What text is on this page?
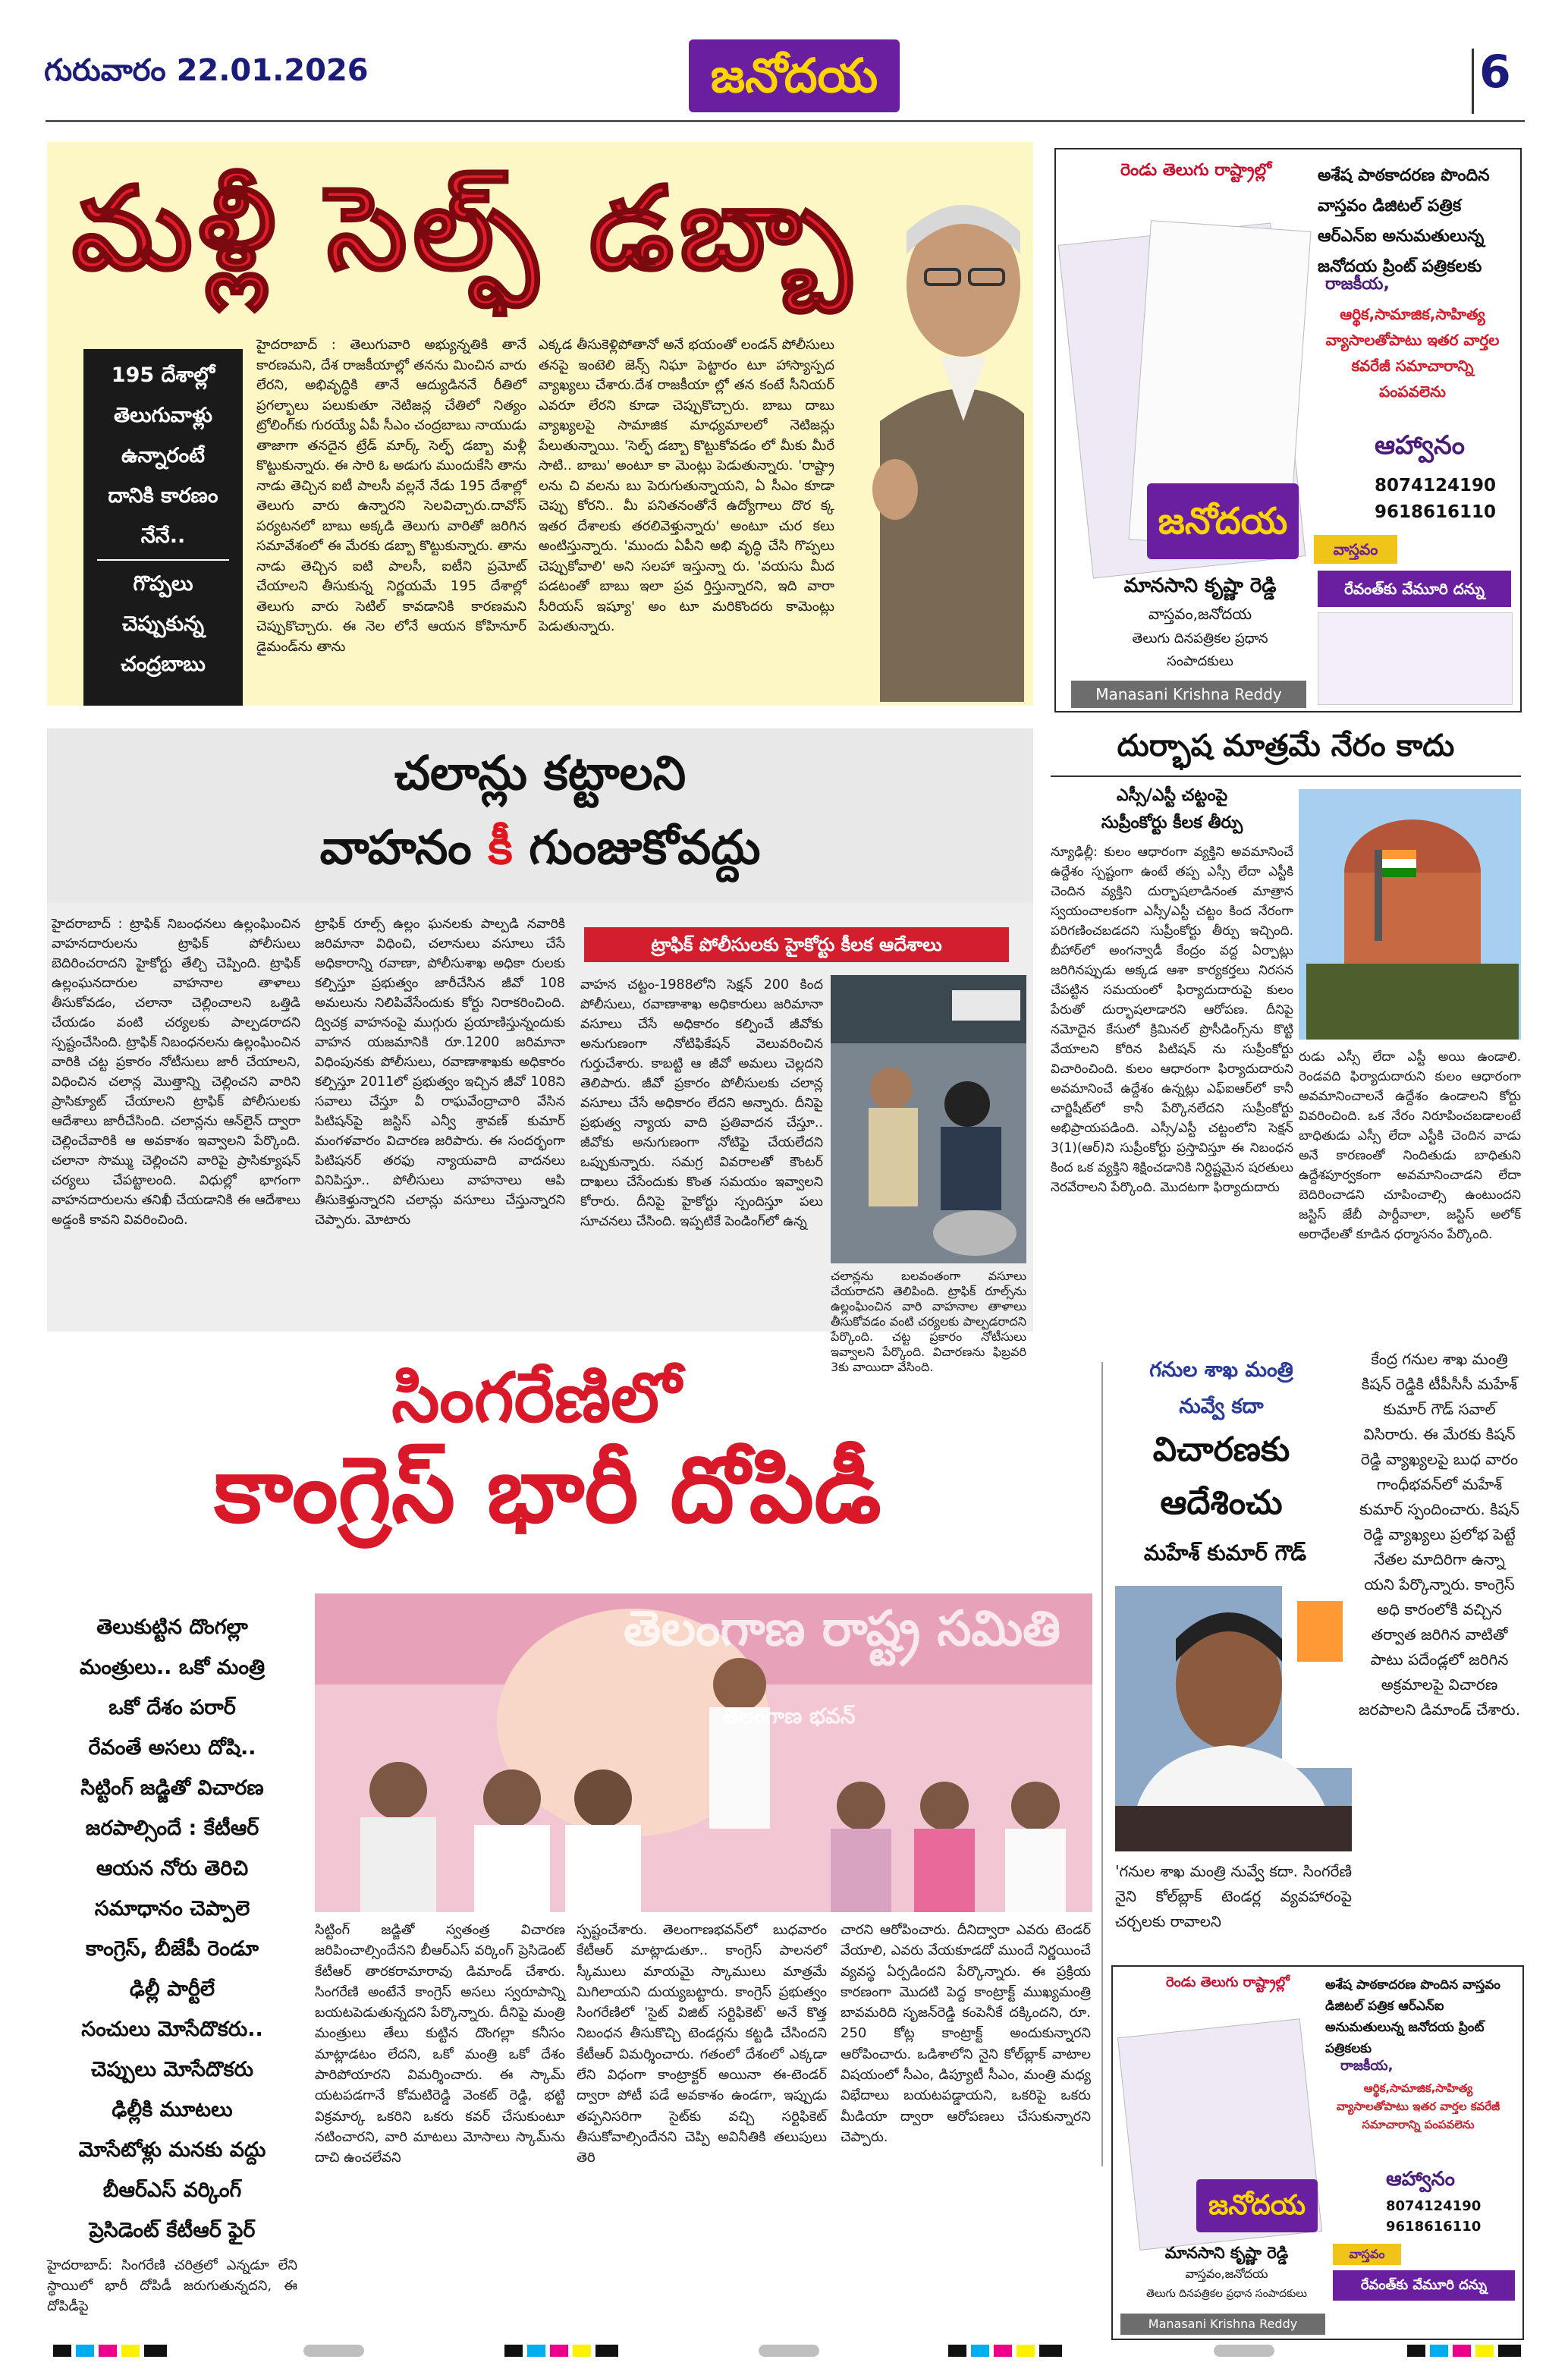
గురువారం 22.01.2026	జనోదయ	6
మళ్లీ సెల్ఫ్ డబ్బా
195 దేశాల్లో
తెలుగువాళ్లు
ఉన్నారంటే
దానికి కారణం
నేనే..
గొప్పలు
చెప్పుకున్న
చంద్రబాబు
హైదరాబాద్ : తెలుగువారి అభ్యున్నతికి తానే కారణమని, దేశ రాజకీయాల్లో తనను మించిన వారు లేరని, అభివృద్ధికి తానే ఆద్యుడిననే రీతిలో ప్రగల్భాలు పలుకుతూ నెటిజన్ల చేతిలో నిత్యం ట్రోలింగ్‌కు గురయ్యే ఏపీ సీఎం చంద్రబాబు నాయుడు తాజాగా తనదైన ట్రేడ్ మార్క్ సెల్ఫ్ డబ్బా మళ్లీ కొట్టుకున్నారు. ఈ సారి ఓ అడుగు ముందుకేసి తాను నాడు తెచ్చిన ఐటీ పాలసీ వల్లనే నేడు 195 దేశాల్లో తెలుగు వారు ఉన్నారని సెలవిచ్చారు.దావోస్ పర్యటనలో బాబు అక్కడి తెలుగు వారితో జరిగిన సమావేశంలో ఈ మేరకు డబ్బా కొట్టుకున్నారు. తాను నాడు తెచ్చిన ఐటి పాలసీ, ఐటీని ప్రమోట్ చేయాలని తీసుకున్న నిర్ణయమే 195 దేశాల్లో తెలుగు వారు సెటిల్ కావడానికి కారణమని చెప్పుకొచ్చారు. ఈ నెల లోనే ఆయన కోహినూర్ డైమండ్‌ను తాను
ఎక్కడ తీసుకెళ్లిపోతానో అనే భయంతో లండన్ పోలీసులు తనపై ఇంటెలి జెన్స్ నిఘా పెట్టారం టూ హాస్యాస్పద వ్యాఖ్యలు చేశారు.దేశ రాజకీయా ల్లో తన కంటే సీనియర్ ఎవరూ లేరని కూడా చెప్పుకొచ్చారు. బాబు దాబు వ్యాఖ్యలపై సామాజిక మాధ్యమాలలో నెటిజన్లు పేలుతున్నాయి. 'సెల్ఫ్ డబ్బా కొట్టుకోవడం లో మీకు మీరే సాటి.. బాబు' అంటూ కా మెంట్లు పెడుతున్నారు. 'రాష్ట్రా లను చి వలను బు పెరుగుతున్నాయని, ఏ సీఎం కూడా చెప్పు కోరని.. మీ పనితనంతోనే ఉద్యోగాలు దొర క్క ఇతర దేశాలకు తరలివెళ్తున్నారు' అంటూ చుర కలు అంటిస్తున్నారు. 'ముందు ఏపీని అభి వృద్ధి చేసి గొప్పలు చెప్పుకోవాలి' అని సలహా ఇస్తున్నా రు. 'వయసు మీద పడటంతో బాబు ఇలా ప్రవ ర్తిస్తున్నారని, ఇది వారా సీరియస్ ఇష్యూ' అం టూ మరికొందరు కామెంట్లు పెడుతున్నారు.
రెండు తెలుగు రాష్ట్రాల్లో	అశేష పాఠకాదరణ పొందిన వాస్తవం డిజిటల్ పత్రిక ఆర్ఎన్ఐ అనుమతులున్న జనోదయ ప్రింట్ పత్రికలకు
జనోదయ
రాజకీయ,
ఆర్థిక,సామాజిక,సాహిత్య వ్యాసాలతోపాటు ఇతర వార్తల కవరేజీ సమాచారాన్ని పంపవలెను
ఆహ్వానం
8074124190
9618616110
వాస్తవం
రేవంత్‌కు వేమూరి దన్ను
మానసాని కృష్ణా రెడ్డి
వాస్తవం,జనోదయ
తెలుగు దినపత్రికల ప్రధాన సంపాదకులు
Manasani Krishna Reddy
చలాన్లు కట్టాలని
వాహనం కీ గుంజుకోవద్దు
ట్రాఫిక్ పోలీసులకు హైకోర్టు కీలక ఆదేశాలు
హైదరాబాద్ : ట్రాఫిక్ నిబంధనలు ఉల్లంఘించిన వాహనదారులను ట్రాఫిక్ పోలీసులు బెదిరించరాదని హైకోర్టు తేల్చి చెప్పింది. ట్రాఫిక్ ఉల్లంఘనదారుల వాహనాల తాళాలు తీసుకోవడం, చలానా చెల్లించాలని ఒత్తిడి చేయడం వంటి చర్యలకు పాల్పడరాదని స్పష్టంచేసింది. ట్రాఫిక్ నిబంధనలను ఉల్లంఘించిన వారికి చట్ట ప్రకారం నోటీసులు జారీ చేయాలని, విధించిన చలాన్ల మొత్తాన్ని చెల్లించని వారిని ప్రాసిక్యూట్ చేయాలని ట్రాఫిక్ పోలీసులకు ఆదేశాలు జారీచేసింది. చలాన్లను ఆన్‌లైన్ ద్వారా చెల్లించేవారికి ఆ అవకాశం ఇవ్వాలని పేర్కొంది. చలానా సొమ్ము చెల్లించని వారిపై ప్రాసిక్యూషన్ చర్యలు చేపట్టాలంది. విధుల్లో భాగంగా వాహనదారులను తనిఖీ చేయడానికి ఈ ఆదేశాలు అడ్డంకి కావని వివరించింది.
ట్రాఫిక్ రూల్స్ ఉల్లం ఘనలకు పాల్పడి నవారికి జరిమానా విధించి, చలానులు వసూలు చేసే అధికారాన్ని రవాణా, పోలీసుశాఖ అధికా రులకు కల్పిస్తూ ప్రభుత్వం జారీచేసిన జీవో 108 అమలును నిలిపివేసేందుకు కోర్టు నిరాకరించింది. ద్విచక్ర వాహనంపై ముగ్గురు ప్రయాణిస్తున్నందుకు వాహన యజమానికి రూ.1200 జరిమానా విధింపునకు పోలీసులు, రవాణాశాఖకు అధికారం కల్పిస్తూ 2011లో ప్రభుత్వం ఇచ్చిన జీవో 108ని సవాలు చేస్తూ వీ రాఘవేంద్రాచారి వేసిన పిటిషన్‌పై జస్టిస్ ఎన్వీ శ్రావణ్ కుమార్ మంగళవారం విచారణ జరిపారు. ఈ సందర్భంగా పిటిషనర్ తరఫు న్యాయవాది వాదనలు వినిపిస్తూ.. పోలీసులు వాహనాలు ఆపి తీసుకెళ్తున్నారని చలాన్లు వసూలు చేస్తున్నారని చెప్పారు. మోటారు
వాహన చట్టం-1988లోని సెక్షన్ 200 కింద పోలీసులు, రవాణాశాఖ అధికారులు జరిమానా వసూలు చేసే అధికారం కల్పించే జీవోకు అనుగుణంగా నోటిఫికేషన్ వెలువరించిన గుర్తుచేశారు. కాబట్టి ఆ జీవో అమలు చెల్లదని తెలిపారు. జీవో ప్రకారం పోలీసులకు చలాన్ల వసూలు చేసే అధికారం లేదని అన్నారు. దీనిపై ప్రభుత్వ న్యాయ వాది ప్రతివాదన చేస్తూ.. జీవోకు అనుగుణంగా నోటిఫై చేయలేదని ఒప్పుకున్నారు. సమగ్ర వివరాలతో కౌంటర్ దాఖలు చేసేందుకు కొంత సమయం ఇవ్వాలని కోరారు. దీనిపై హైకోర్టు స్పందిస్తూ పలు సూచనలు చేసింది. ఇప్పటికే పెండింగ్‌లో ఉన్న
చలాన్లను బలవంతంగా వసూలు చేయరాదని తెలిపింది. ట్రాఫిక్ రూల్స్‌ను ఉల్లంఘించిన వారి వాహనాల తాళాలు తీసుకోవడం వంటి చర్యలకు పాల్పడరాదని పేర్కొంది. చట్ట ప్రకారం నోటీసులు ఇవ్వాలని పేర్కొంది. విచారణను ఫిబ్రవరి 3కు వాయిదా వేసింది.
దుర్భాష మాత్రమే నేరం కాదు
ఎస్సీ/ఎస్టీ చట్టంపై
సుప్రీంకోర్టు కీలక తీర్పు
న్యూఢిల్లీ: కులం ఆధారంగా వ్యక్తిని అవమానించే ఉద్దేశం స్పష్టంగా ఉంటే తప్ప ఎస్సీ లేదా ఎస్టీకి చెందిన వ్యక్తిని దుర్భాషలాడినంత మాత్రాన స్వయంచాలకంగా ఎస్సీ/ఎస్టీ చట్టం కింద నేరంగా పరిగణించబడదని సుప్రీంకోర్టు తీర్పు ఇచ్చింది. బీహార్‌లో అంగన్వాడీ కేంద్రం వద్ద ఏర్పాట్లు జరిగినప్పుడు అక్కడ ఆశా కార్యకర్తలు నిరసన చేపట్టిన సమయంలో ఫిర్యాదుదారుపై కులం పేరుతో దుర్భాషలాడారని ఆరోపణ. దీనిపై నమోదైన కేసులో క్రిమినల్ ప్రొసీడింగ్స్‌ను కొట్టి వేయాలని కోరిన పిటిషన్ ను సుప్రీంకోర్టు విచారించింది. కులం ఆధారంగా ఫిర్యాదుదారుని అవమానించే ఉద్దేశం ఉన్నట్లు ఎఫ్ఐఆర్‌లో కానీ చార్జిషీట్‌లో కానీ పేర్కొనలేదని సుప్రీంకోర్టు అభిప్రాయపడింది. ఎస్సీ/ఎస్టీ చట్టంలోని సెక్షన్ 3(1)(ఆర్)ని సుప్రీంకోర్టు ప్రస్తావిస్తూ ఈ నిబంధన కింద ఒక వ్యక్తిని శిక్షించడానికి నిర్దిష్టమైన షరతులు నెరవేరాలని పేర్కొంది. మొదటగా ఫిర్యాదుదారు
రుడు ఎస్సీ లేదా ఎస్టీ అయి ఉండాలి. రెండవది ఫిర్యాదుదారుని కులం ఆధారంగా అవమానించాలనే ఉద్దేశం ఉండాలని కోర్టు వివరించింది. ఒక నేరం నిరూపించబడాలంటే బాధితుడు ఎస్సీ లేదా ఎస్టీకి చెందిన వాడు అనే కారణంతో నిందితుడు బాధితుని ఉద్దేశపూర్వకంగా అవమానించాడని లేదా బెదిరించాడని చూపించాల్సి ఉంటుందని జస్టిస్ జేబీ పార్దీవాలా, జస్టిస్ అలోక్ అరాధేలతో కూడిన ధర్మాసనం పేర్కొంది.
సింగరేణిలో
కాంగ్రెస్ భారీ దోపిడీ
తెలుకుట్టిన దొంగల్లా
మంత్రులు.. ఒకో మంత్రి
ఒకో దేశం పరార్
రేవంతే అసలు దోషి..
సిట్టింగ్ జడ్జితో విచారణ
జరపాల్సిందే : కేటీఆర్
ఆయన నోరు తెరిచి
సమాధానం చెప్పాలె
కాంగ్రెస్, బీజేపీ రెండూ
ఢిల్లీ పార్టీలే
సంచులు మోసేదొకరు..
చెప్పులు మోసేదొకరు
ఢిల్లీకి మూటలు
మోసేటోళ్లు మనకు వద్దు
బీఆర్ఎస్ వర్కింగ్
ప్రెసిడెంట్ కేటీఆర్ ఫైర్
హైదరాబాద్: సింగరేణి చరిత్రలో ఎన్నడూ లేని స్థాయిలో భారీ దోపిడీ జరుగుతున్నదని, ఈ దోపిడీపై
తెలంగాణ రాష్ట్ర సమితి
తెలంగాణ భవన్
సిట్టింగ్ జడ్జితో స్వతంత్ర విచారణ జరిపించాల్సిందేనని బీఆర్ఎస్ వర్కింగ్ ప్రెసిడెంట్ కేటీఆర్ తారకరామారావు డిమాండ్ చేశారు. సింగరేణి అంటేనే కాంగ్రెస్ అసలు స్వరూపాన్ని బయటపెడుతున్నదని పేర్కొన్నారు. దీనిపై మంత్రి మంత్రులు తేలు కుట్టిన దొంగల్లా కనీసం మాట్లాడటం లేదని, ఒకో మంత్రి ఒకో దేశం పారిపోయారని విమర్శించారు. ఈ స్కామ్ యటపడగానే కోమటిరెడ్డి వెంకట్ రెడ్డి, భట్టి విక్రమార్క ఒకరిని ఒకరు కవర్ చేసుకుంటూ నటించారని, వారి మాటలు మోసాలు స్కామ్‌ను దాచి ఉంచలేవని
స్పష్టంచేశారు. తెలంగాణభవన్‌లో బుధవారం కేటీఆర్ మాట్లాడుతూ.. కాంగ్రెస్ పాలనలో స్కీములు మాయమై స్కాములు మాత్రమే మిగిలాయని దుయ్యబట్టారు. కాంగ్రెస్ ప్రభుత్వం సింగరేణిలో 'సైట్ విజిట్ సర్టిఫికెట్' అనే కొత్త నిబంధన తీసుకొచ్చి టెండర్లను కట్టడి చేసిందని కేటీఆర్ విమర్శించారు. గతంలో దేశంలో ఎక్కడా లేని విధంగా కాంట్రాక్టర్ అయినా ఈ-టెండర్ ద్వారా పోటీ పడే అవకాశం ఉండగా, ఇప్పుడు తప్పనిసరిగా సైట్‌కు వచ్చి సర్టిఫికెట్ తీసుకోవాల్సిందేనని చెప్పి అవినీతికి తలుపులు తెరి
చారని ఆరోపించారు. దీనిద్వారా ఎవరు టెండర్ వేయాలి, ఎవరు వేయకూడదో ముందే నిర్ణయించే వ్యవస్థ ఏర్పడిందని పేర్కొన్నారు. ఈ ప్రక్రియ కారణంగా మొదటి పెద్ద కాంట్రాక్ట్ ముఖ్యమంత్రి బావమరిది సృజన్‌రెడ్డి కంపెనీకే దక్కిందని, రూ. 250 కోట్ల కాంట్రాక్ట్ అందుకున్నారని ఆరోపించారు. ఒడిశాలోని నైని కోల్‌బ్లాక్ వాటాల విషయంలో సీఎం, డిప్యూటీ సీఎం, మంత్రి మధ్య విభేదాలు బయటపడ్డాయని, ఒకరిపై ఒకరు మీడియా ద్వారా ఆరోపణలు చేసుకున్నారని చెప్పారు.
గనుల శాఖ మంత్రి
నువ్వే కదా
విచారణకు
ఆదేశించు
మహేశ్ కుమార్ గౌడ్
కేంద్ర గనుల శాఖ మంత్రి కిషన్ రెడ్డికి టీపీసీసీ మహేశ్ కుమార్ గౌడ్ సవాల్ విసిరారు. ఈ మేరకు కిషన్ రెడ్డి వ్యాఖ్యలపై బుధ వారం గాంధీభవన్‌లో మహేశ్ కుమార్ స్పందించారు. కిషన్ రెడ్డి వ్యాఖ్యలు ప్రలోభ పెట్టే నేతల మాదిరిగా ఉన్నా యని పేర్కొన్నారు. కాంగ్రెస్ అధి కారంలోకి వచ్చిన తర్వాత జరిగిన వాటితో పాటు పదేండ్లలో జరిగిన అక్రమాలపై విచారణ జరపాలని డిమాండ్ చేశారు.
'గనుల శాఖ మంత్రి నువ్వే కదా. సింగరేణి నైని కోల్‌బ్లాక్ టెండర్ల వ్యవహారంపై చర్చలకు రావాలని
రెండు తెలుగు రాష్ట్రాల్లో	అశేష పాఠకాదరణ పొందిన వాస్తవం డిజిటల్ పత్రిక ఆర్ఎన్ఐ అనుమతులున్న జనోదయ ప్రింట్ పత్రికలకు
జనోదయ
రాజకీయ,
ఆర్థిక,సామాజిక,సాహిత్య వ్యాసాలతోపాటు ఇతర వార్తల కవరేజీ సమాచారాన్ని పంపవలెను
ఆహ్వానం
8074124190
9618616110
వాస్తవం
రేవంత్‌కు వేమూరి దన్ను
మానసాని కృష్ణా రెడ్డి
వాస్తవం,జనోదయ
తెలుగు దినపత్రికల ప్రధాన సంపాదకులు
Manasani Krishna Reddy
